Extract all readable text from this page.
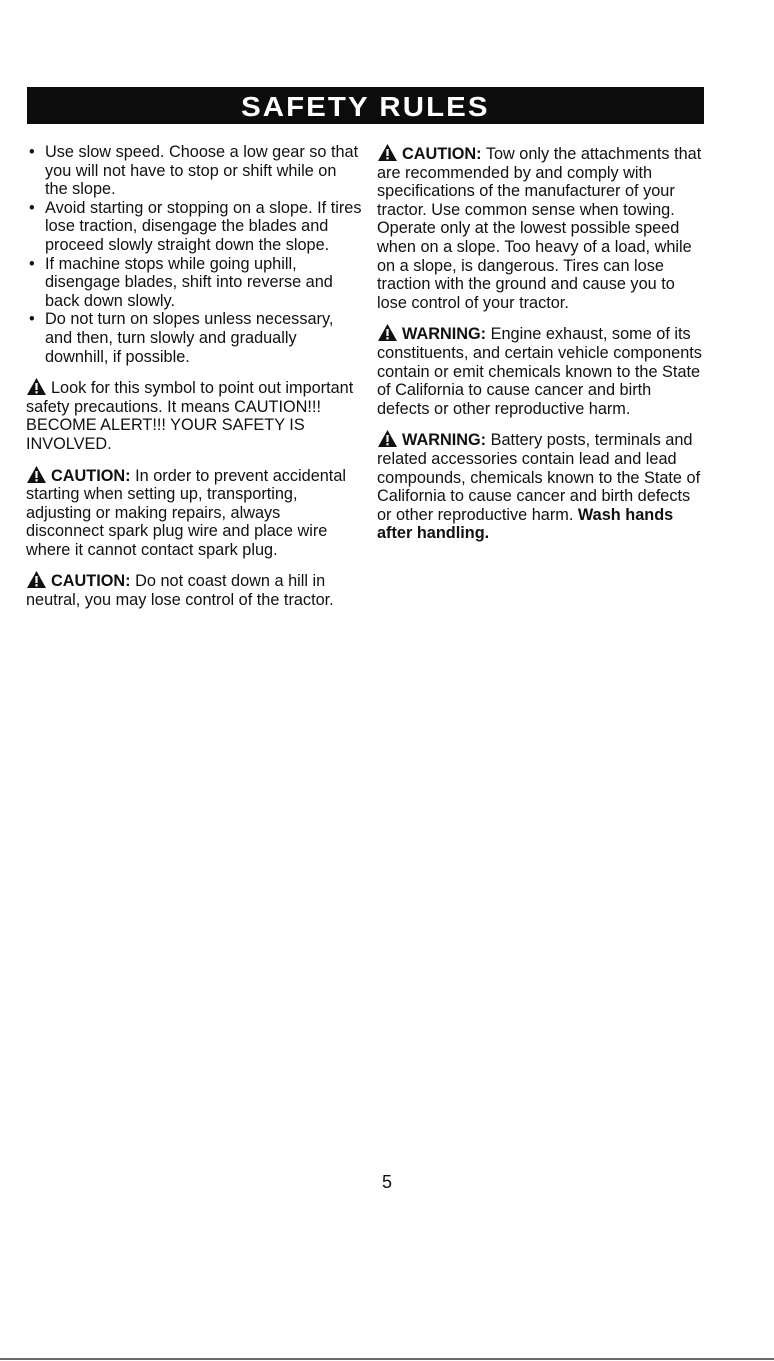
SAFETY RULES
• Use slow speed. Choose a low gear so that you will not have to stop or shift while on the slope.
• Avoid starting or stopping on a slope. If tires lose traction, disengage the blades and proceed slowly straight down the slope.
• If machine stops while going uphill, disengage blades, shift into reverse and back down slowly.
• Do not turn on slopes unless necessary, and then, turn slowly and gradually downhill, if possible.

Look for this symbol to point out important safety precautions. It means CAUTION!!! BECOME ALERT!!! YOUR SAFETY IS INVOLVED.

CAUTION: In order to prevent accidental starting when setting up, transporting, adjusting or making repairs, always disconnect spark plug wire and place wire where it cannot contact spark plug.

CAUTION: Do not coast down a hill in neutral, you may lose control of the tractor.

CAUTION: Tow only the attachments that are recommended by and comply with specifications of the manufacturer of your tractor. Use common sense when towing. Operate only at the lowest possible speed when on a slope. Too heavy of a load, while on a slope, is dangerous. Tires can lose traction with the ground and cause you to lose control of your tractor.

WARNING: Engine exhaust, some of its constituents, and certain vehicle components contain or emit chemicals known to the State of California to cause cancer and birth defects or other reproductive harm.

WARNING: Battery posts, terminals and related accessories contain lead and lead compounds, chemicals known to the State of California to cause cancer and birth defects or other reproductive harm. Wash hands after handling.

5
